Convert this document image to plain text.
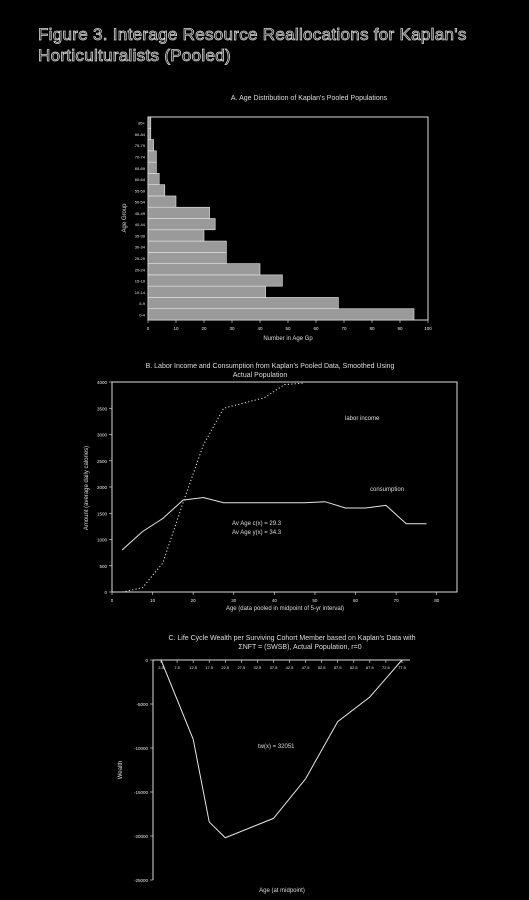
Figure 3. Interage Resource Reallocations for Kaplan's
Horticulturalists (Pooled)
A. Age Distribution of Kaplan's Pooled Populations
0-4
5-9
10-14
15-19
20-24
25-29
30-34
35-39
40-44
45-49
50-54
55-59
60-64
65-69
70-74
75-79
80-84
85+
0	10	20	30	40	50	60	70	80	90	100
Number in Age Gp
Age Group
B. Labor Income and Consumption from Kaplan's Pooled Data, Smoothed Using
Actual Population
0
500
1000
1500
2000
2500
3000
3500
4000
0	10	20	30	40	50	60	70	80
labor income
consumption
Av Age c(x) = 29.3
Av Age y(x) = 34.3
Age (data pooled in midpoint of 5-yr interval)
Amount (average daily calories)
C. Life Cycle Wealth per Surviving Cohort Member based on Kaplan's Data with
ΣNFT = (SWSB), Actual Population, r=0
0
-5000
-10000
-15000
-20000
-25000
2.5	7.5 12.5 17.5 22.5 27.5 32.5 37.5 42.5 47.5 52.5 57.5 62.5 67.5 72.5 77.5
tw(x) = 32051
Age (at midpoint)
Wealth
